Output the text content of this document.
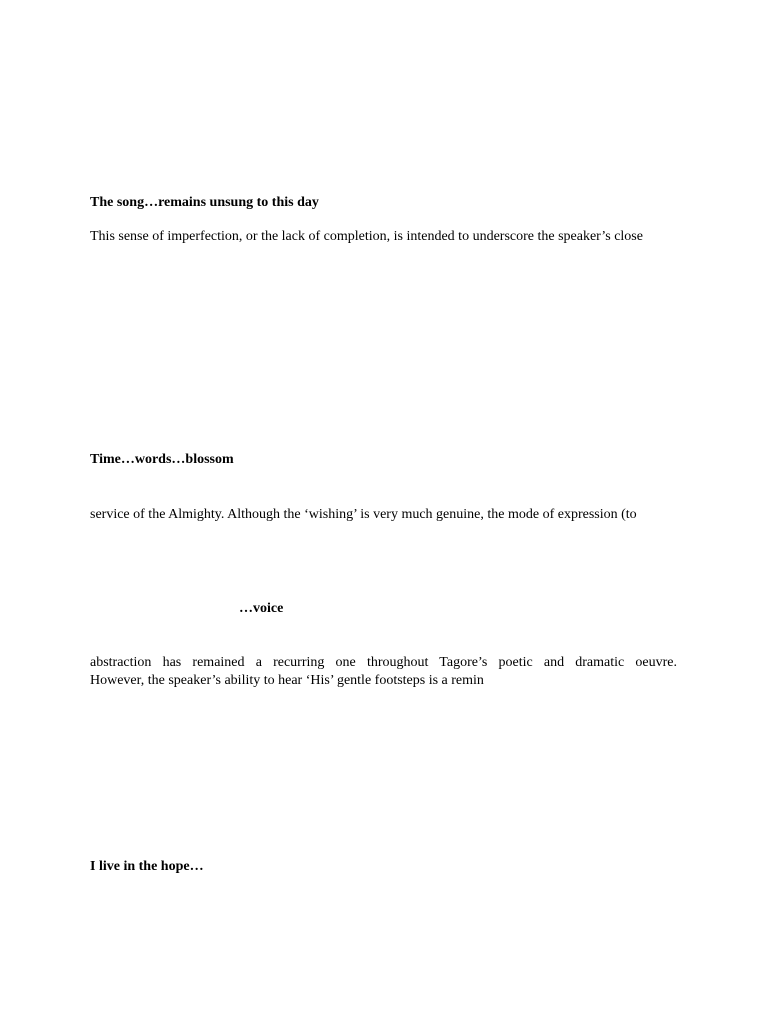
The song…remains unsung to this day
This sense of imperfection, or the lack of completion, is intended to underscore the speaker’s close
Time…words…blossom
service of the Almighty. Although the ‘wishing’ is very much genuine, the mode of expression (to
…voice
abstraction has remained a recurring one throughout Tagore’s poetic and dramatic oeuvre.
However, the speaker’s ability to hear ‘His’ gentle footsteps is a remin
I live in the hope…
